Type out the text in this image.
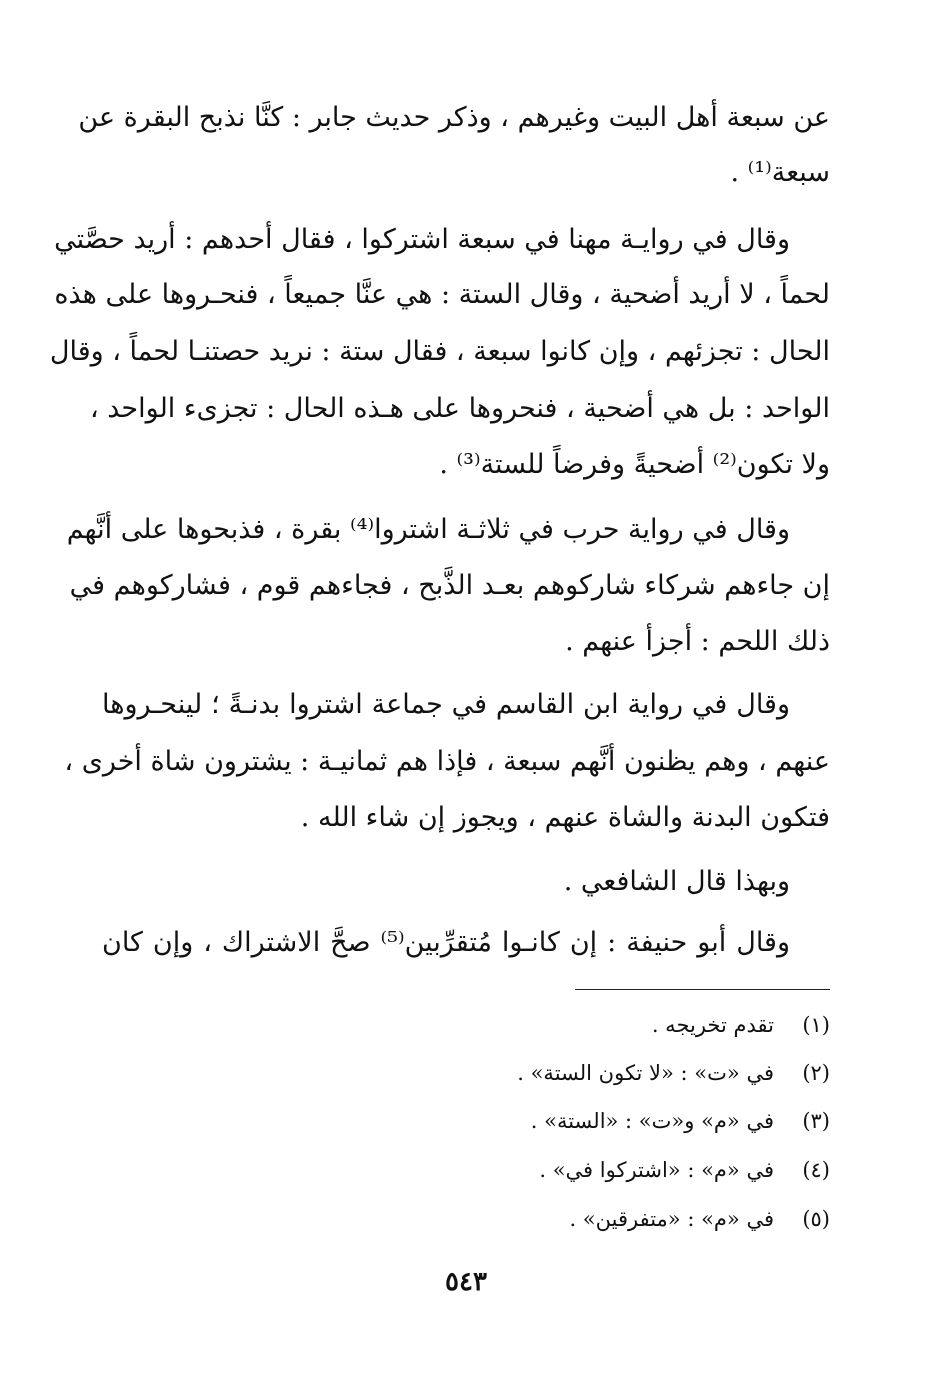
عن سبعة أهل البيت وغيرهم ، وذكر حديث جابر : كنَّا نذبح البقرة عن
سبعة⁽¹⁾ .
وقال في روايـة مهنا في سبعة اشتركوا ، فقال أحدهم : أريد حصَّتي
لحماً ، لا أريد أضحية ، وقال الستة : هي عنَّا جميعاً ، فنحـروها على هذه
الحال : تجزئهم ، وإن كانوا سبعة ، فقال ستة : نريد حصتنـا لحماً ، وقال
الواحد : بل هي أضحية ، فنحروها على هـذه الحال : تجزىء الواحد ،
ولا تكون⁽²⁾ أضحيةً وفرضاً للستة⁽³⁾ .
وقال في رواية حرب في ثلاثـة اشتروا⁽⁴⁾ بقرة ، فذبحوها على أنَّهم
إن جاءهم شركاء شاركوهم بعـد الذَّبح ، فجاءهم قوم ، فشاركوهم في
ذلك اللحم : أجزأ عنهم .
وقال في رواية ابن القاسم في جماعة اشتروا بدنـةً ؛ لينحـروها
عنهم ، وهم يظنون أنَّهم سبعة ، فإذا هم ثمانيـة : يشترون شاة أخرى ،
فتكون البدنة والشاة عنهم ، ويجوز إن شاء الله .
وبهذا قال الشافعي .
وقال أبو حنيفة : إن كانـوا مُتقرِّبين⁽⁵⁾ صحَّ الاشتراك ، وإن كان
(١)تقدم تخريجه .
(٢)في «ت» : «لا تكون الستة» .
(٣)في «م» و«ت» : «الستة» .
(٤)في «م» : «اشتركوا في» .
(٥)في «م» : «متفرقين» .
٥٤٣
